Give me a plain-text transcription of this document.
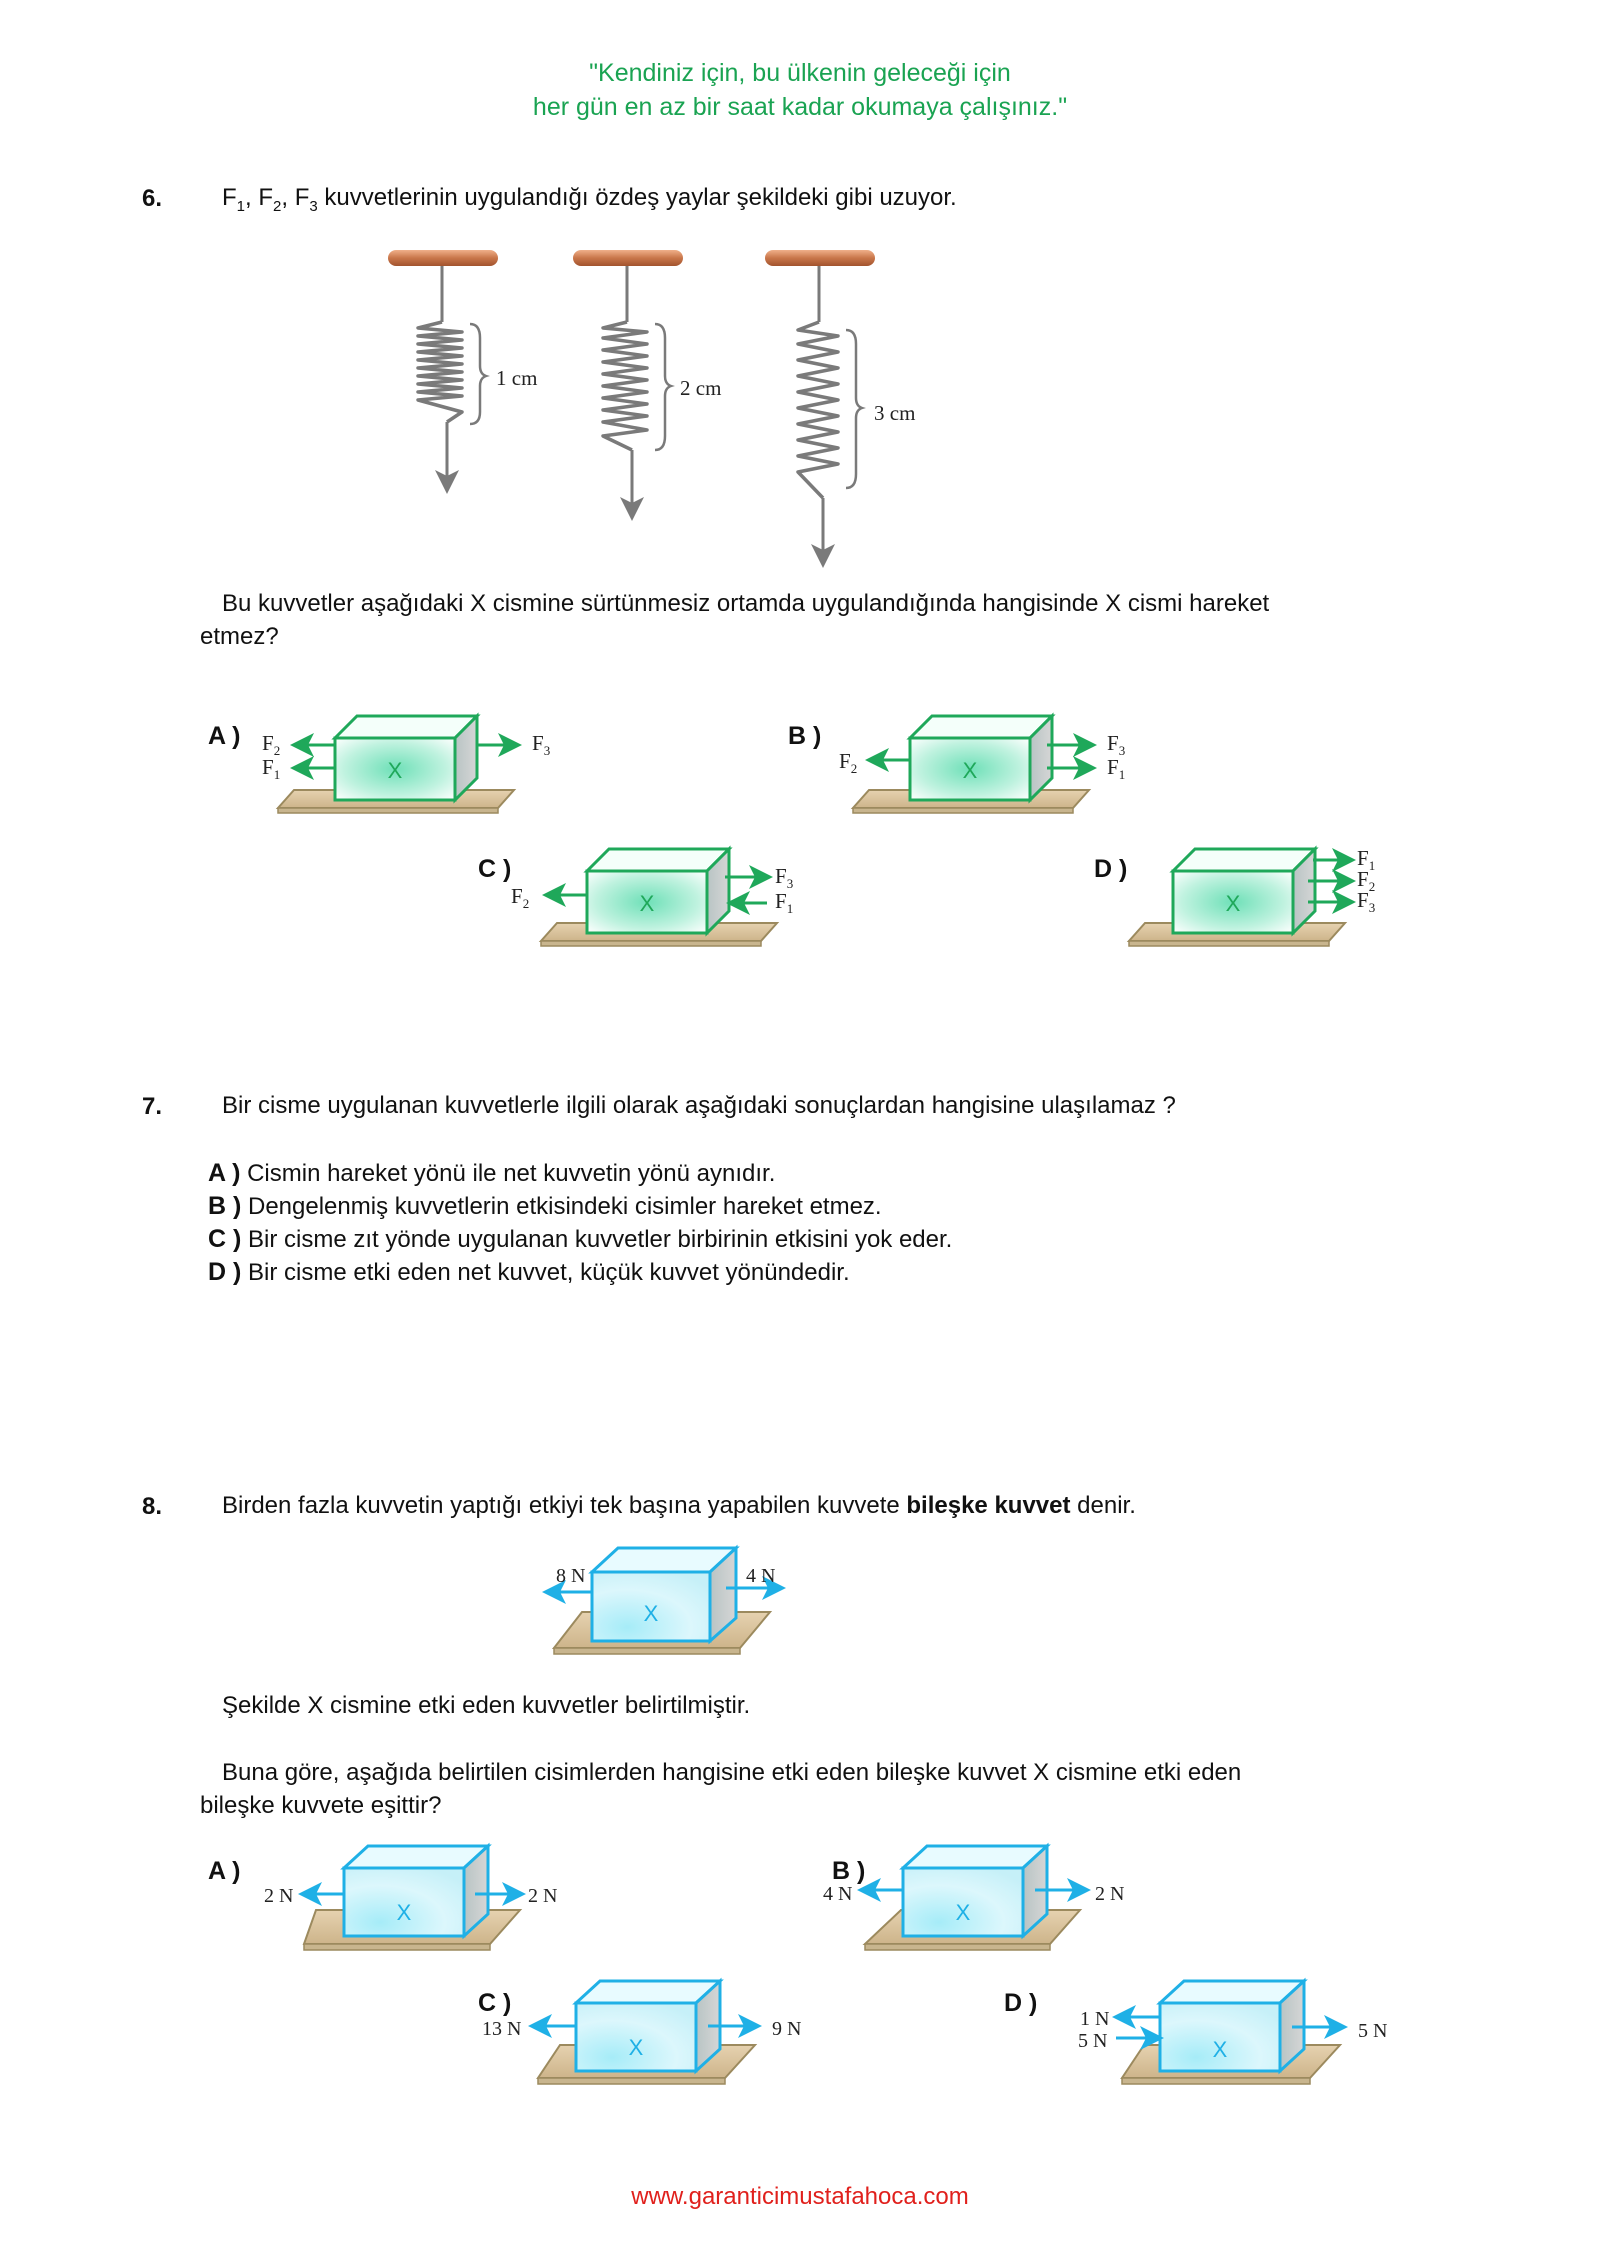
"Kendiniz için, bu ülkenin geleceği için
her gün en az bir saat kadar okumaya çalışınız."
6. $F_1$, $F_2$, $F_3$ kuvvetlerinin uygulandığı özdeş yaylar şekildeki gibi uzuyor.
1 cm	2 cm
3 cm
Bu kuvvetler aşağıdaki X cismine sürtünmesiz ortamda uygulandığında hangisinde X cismi hareket
etmez?
A )
X
$F_2$
$F_1$
$F_3$
B )
X
$F_2$
$F_3$
$F_1$
C )
X
$F_2$
$F_3$
$F_1$
D )
X
$F_1$
$F_2$
$F_3$
7. Bir cisme uygulanan kuvvetlerle ilgili olarak aşağıdaki sonuçlardan hangisine ulaşılamaz ?
A ) Cismin hareket yönü ile net kuvvetin yönü aynıdır.
B ) Dengelenmiş kuvvetlerin etkisindeki cisimler hareket etmez.
C ) Bir cisme zıt yönde uygulanan kuvvetler birbirinin etkisini yok eder.
D ) Bir cisme etki eden net kuvvet, küçük kuvvet yönündedir.
8. Birden fazla kuvvetin yaptığı etkiyi tek başına yapabilen kuvvete bileşke kuvvet denir.
X
8 N	4 N
Şekilde X cismine etki eden kuvvetler belirtilmiştir.
Buna göre, aşağıda belirtilen cisimlerden hangisine etki eden bileşke kuvvet X cismine etki eden
bileşke kuvvete eşittir?
A )
X
2 N	2 N
B )
X
4 N	2 N
C )
X
13 N	9 N
D )
X
1 N
5 N	5 N
www.garanticimustafahoca.com
